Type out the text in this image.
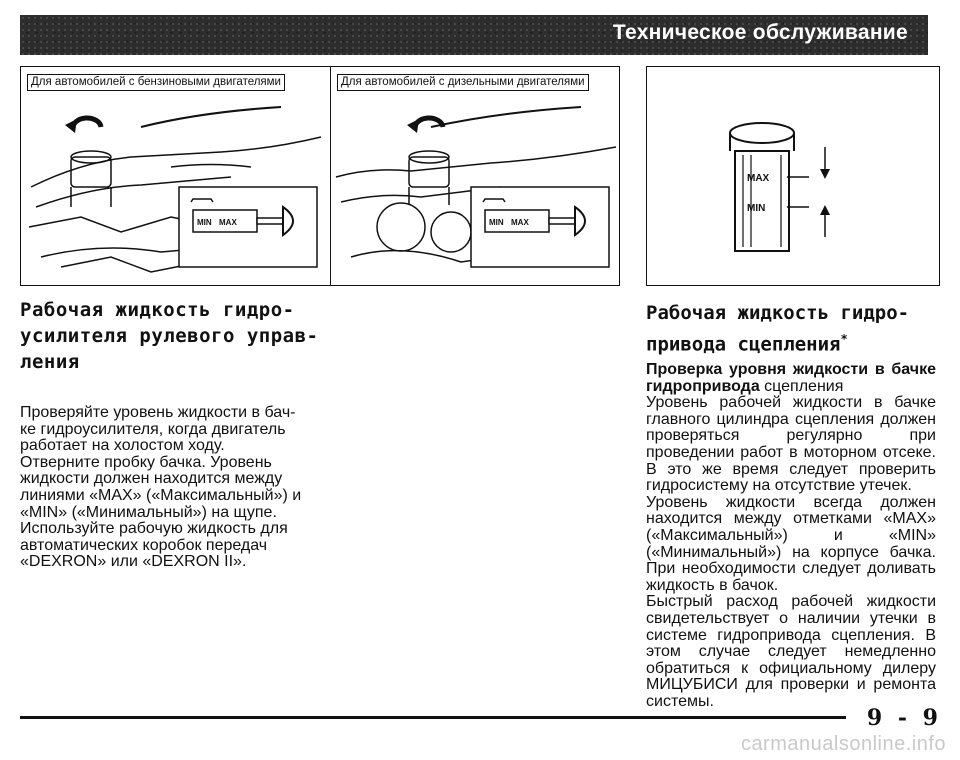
Техническое обслуживание
Для автомобилей с бензиновыми двигателями
MIN MAX
Для автомобилей с дизельными двигателями
MIN MAX
MAX
MIN
Рабочая жидкость гидро-
усилителя рулевого управ-
ления
Проверяйте уровень жидкости в бач-
ке гидроусилителя, когда двигатель
работает на холостом ходу.
Отверните пробку бачка. Уровень
жидкости должен находится между
линиями «MAX» («Максимальный») и
«MIN» («Минимальный») на щупе.
Используйте рабочую жидкость для
автоматических коробок передач
«DEXRON» или «DEXRON II».
Рабочая жидкость гидро-
привода сцепления*

Проверка уровня жидкости в бачке гидропривода сцепления

Уровень рабочей жидкости в бачке главного цилиндра сцепления должен проверяться регулярно при проведении работ в моторном отсеке. В это же время следует проверить гидросистему на отсутствие утечек.

Уровень жидкости всегда должен находится между отметками «MAX» («Максимальный») и «MIN» («Минимальный») на корпусе бачка. При необходимости следует доливать жидкость в бачок.

Быстрый расход рабочей жидкости свидетельствует о наличии утечки в системе гидропривода сцепления. В этом случае следует немедленно обратиться к официальному дилеру МИЦУБИСИ для проверки и ремонта системы.

9 - 9
carmanualsonline.info
